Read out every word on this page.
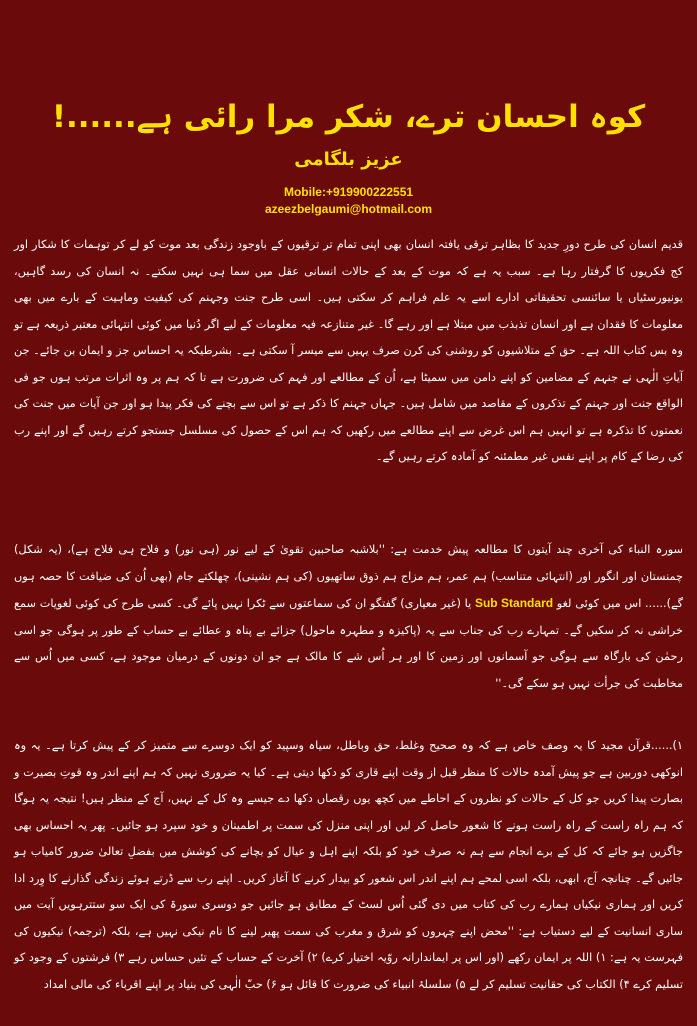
کوہ احسان ترے، شکر مرا رائی ہے......!
عزیز بلگامی
Mobile:+919900222551
azeezbelgaumi@hotmail.com
قدیم انسان کی طرح دورِ جدید کا بظاہر ترقی یافتہ انسان بھی اپنی تمام تر ترقیوں کے باوجود زندگی بعد موت کو لے کر توہمات کا شکار اور کج فکریوں کا گرفتار رہا ہے۔ سبب یہ ہے کہ موت کے بعد کے حالات انسانی عقل میں سما ہی نہیں سکتے۔ نہ انسان کی رسد گاہیں، یونیورسٹیاں یا سائنسی تحقیقاتی ادارے اسے یہ علم فراہم کر سکتی ہیں۔ اسی طرح جنت وجہنم کی کیفیت وماہیت کے بارے میں بھی معلومات کا فقدان ہے اور انسان تذبذب میں مبتلا ہے اور رہے گا۔ غیر متنازعہ فیہ معلومات کے لیے اگر دُنیا میں کوئی انتہائی معتبر ذریعہ ہے تو وہ بس کتاب اللہ ہے۔ حق کے متلاشیوں کو روشنی کی کرن صرف یہیں سے میسر آ سکتی ہے۔ بشرطیکہ یہ احساس جز و ایمان بن جائے۔ جن آیاتِ الٰہی نے جنہم کے مضامین کو اپنے دامن میں سمیٹا ہے، اُن کے مطالعے اور فہم کی ضرورت ہے تا کہ ہم پر وہ اثرات مرتب ہوں جو فی الواقع جنت اور جہنم کے تذکروں کے مقاصد میں شامل ہیں۔ جہاں جہنم کا ذکر ہے تو اس سے بچنے کی فکر پیدا ہو اور جن آیات میں جنت کی نعمتوں کا تذکرہ ہے تو انہیں ہم اس غرض سے اپنے مطالعے میں رکھیں کہ ہم اس کے حصول کی مسلسل جستجو کرتے رہیں گے اور اپنے رب کی رضا کے کام پر اپنے نفس غیر مطمئنہ کو آمادہ کرتے رہیں گے۔
سورہ النباء کی آخری چند آیتوں کا مطالعہ پیش خدمت ہے: ''بلاشبہ صاحبین تقویٰ کے لیے نور (ہی نور) و فلاح ہی فلاح ہے)، (یہ شکل) چمنستان اور انگور اور (انتہائی متناسب) ہم عمر، ہم مزاج ہم ذوق ساتھیوں (کی ہم نشینی)، چھلکتے جام (بھی اُن کی ضیافت کا حصہ ہوں گے)...... اس میں کوئی لغو Sub Standard یا (غیر معیاری) گفتگو ان کی سماعتوں سے ٹکرا نہیں پائے گی۔ کسی طرح کی کوئی لغویات سمع خراشی نہ کر سکیں گے۔ تمہارے رب کی جناب سے یہ (پاکیزہ و مطہرہ ماحول) جزائے بے پناہ و عطائے بے حساب کے طور پر ہوگی جو اسی رحمٰن کی بارگاہ سے ہوگی جو آسمانوں اور زمین کا اور ہر اُس شے کا مالک ہے جو ان دونوں کے درمیان موجود ہے، کسی میں اُس سے مخاطبت کی جرأت نہیں ہو سکے گی۔''
۱)......قرآن مجید کا یہ وصف خاص ہے کہ وہ صحیح وغلط، حق وباطل، سیاہ وسپید کو ایک دوسرے سے متمیز کر کے پیش کرتا ہے۔ یہ وہ انوکھی دوربین ہے جو پیش آمدہ حالات کا منظر قبل از وقت اپنے قاری کو دکھا دیتی ہے۔ کیا یہ ضروری نہیں کہ ہم اپنے اندر وہ قوتِ بصیرت و بصارت پیدا کریں جو کل کے حالات کو نظروں کے احاطے میں کچھ یوں رقصاں دکھا دے جیسے وہ کل کے نہیں، آج کے منظر ہیں! نتیجہ یہ ہوگا کہ ہم راہ راست کے راہ راست ہونے کا شعور حاصل کر لیں اور اپنی منزل کی سمت پر اطمینان و خود سپرد ہو جائیں۔ پھر یہ احساس بھی جاگزیں ہو جائے کہ کل کے برے انجام سے ہم نہ صرف خود کو بلکہ اپنے اہل و عیال کو بچانے کی کوشش میں بفضلِ تعالیٰ ضرور کامیاب ہو جائیں گے۔ چنانچہ آج، ابھی، بلکہ اسی لمحے ہم اپنے اندر اس شعور کو بیدار کرنے کا آغاز کریں۔ اپنے رب سے ڈرتے ہوئے زندگی گذارنے کا وِرد ادا کریں اور ہماری نیکیاں ہمارے رب کی کتاب میں دی گئی اُس لسٹ کے مطابق ہو جائیں جو دوسری سورۃ کی ایک سو ستترہویں آیت میں ساری انسانیت کے لیے دستیاب ہے: ''محض اپنے چہروں کو شرق و مغرب کی سمت پھیر لینے کا نام نیکی نہیں ہے، بلکہ (ترجمہ) نیکیوں کی فہرست یہ ہے: ۱) اللہ پر ایمان رکھے (اور اس پر ایماندارانہ روّیہ اختیار کرے) ۲) آخرت کے حساب کے تئیں حساس رہے ۳) فرشتوں کے وجود کو تسلیم کرے ۴) الکتاب کی حقانیت تسلیم کر لے ۵) سلسلۂ انبیاء کی ضرورت کا قائل ہو ۶) حبّ الٰہی کی بنیاد پر اپنے اقرباء کی مالی امداد
